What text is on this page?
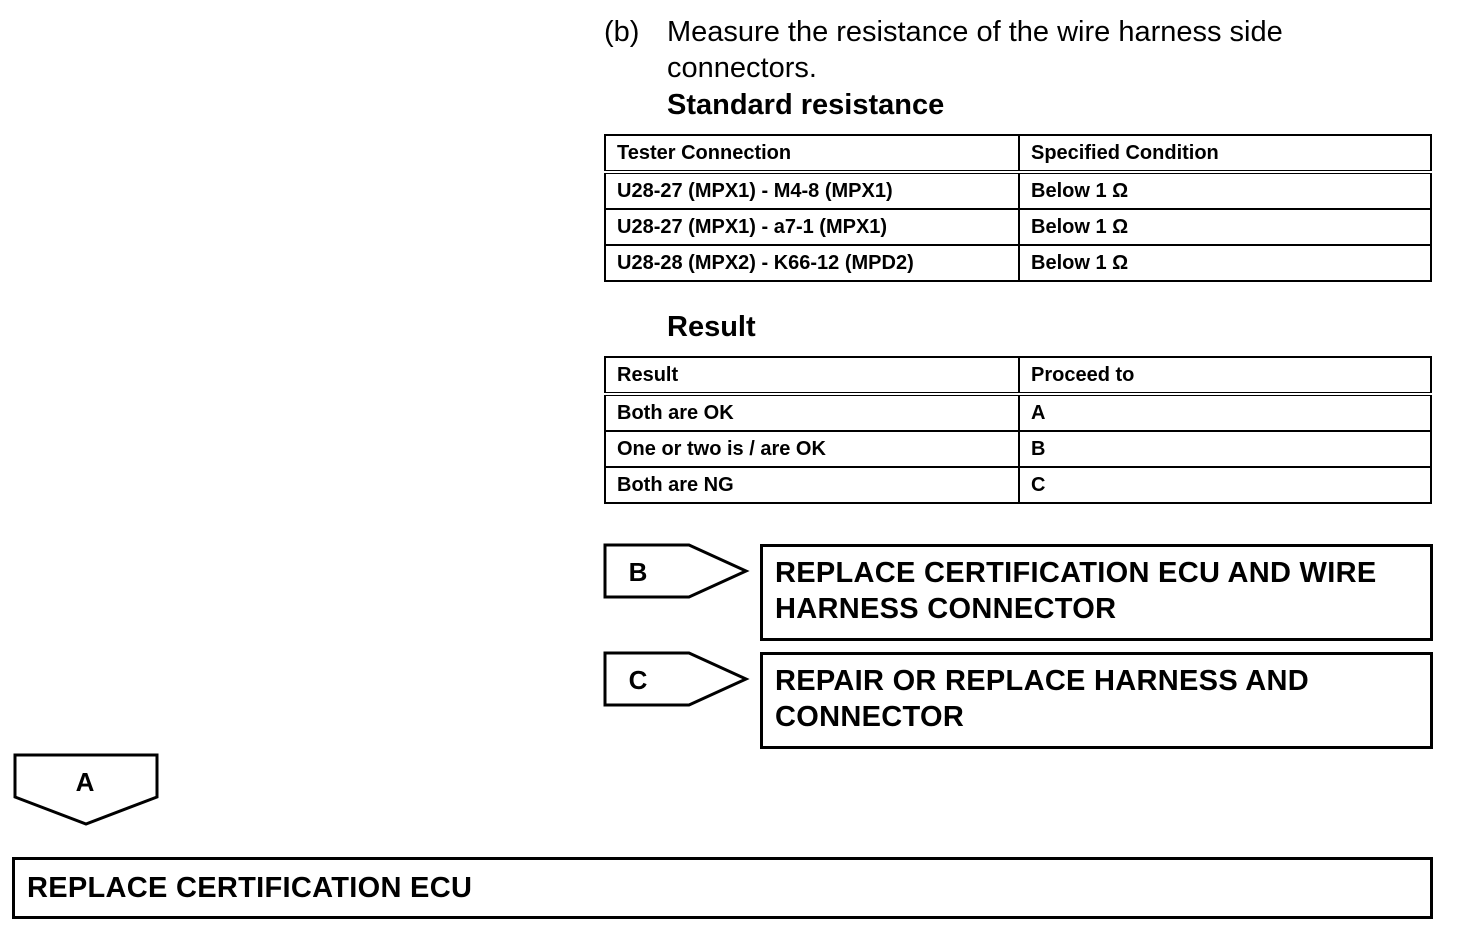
(b) Measure the resistance of the wire harness side connectors.
Standard resistance
Tester Connection	Specified Condition
U28-27 (MPX1) - M4-8 (MPX1)	Below 1 Ω
U28-27 (MPX1) - a7-1 (MPX1)	Below 1 Ω
U28-28 (MPX2) - K66-12 (MPD2)	Below 1 Ω
Result
Result	Proceed to
Both are OK	A
One or two is / are OK	B
Both are NG	C
B	REPLACE CERTIFICATION ECU AND WIRE HARNESS CONNECTOR
C	REPAIR OR REPLACE HARNESS AND CONNECTOR
A
REPLACE CERTIFICATION ECU
